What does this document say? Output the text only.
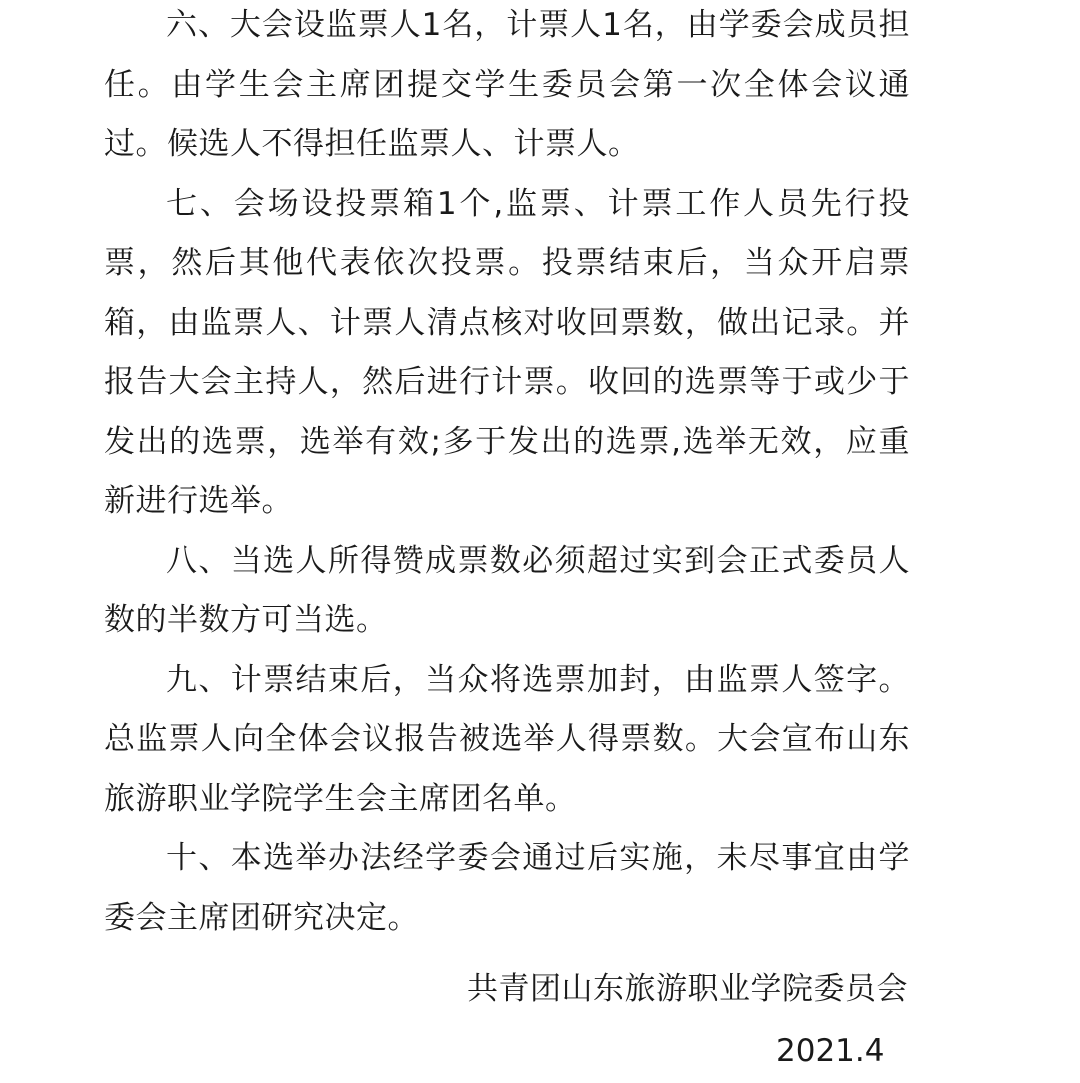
六、大会设监票人1名，计票人1名，由学委会成员担任。由学生会主席团提交学生委员会第一次全体会议通过。候选人不得担任监票人、计票人。

七、会场设投票箱1个,监票、计票工作人员先行投票，然后其他代表依次投票。投票结束后，当众开启票箱，由监票人、计票人清点核对收回票数，做出记录。并报告大会主持人，然后进行计票。收回的选票等于或少于发出的选票，选举有效;多于发出的选票,选举无效，应重新进行选举。

八、当选人所得赞成票数必须超过实到会正式委员人数的半数方可当选。

九、计票结束后，当众将选票加封，由监票人签字。总监票人向全体会议报告被选举人得票数。大会宣布山东旅游职业学院学生会主席团名单。

十、本选举办法经学委会通过后实施，未尽事宜由学委会主席团研究决定。

共青团山东旅游职业学院委员会
2021.4
